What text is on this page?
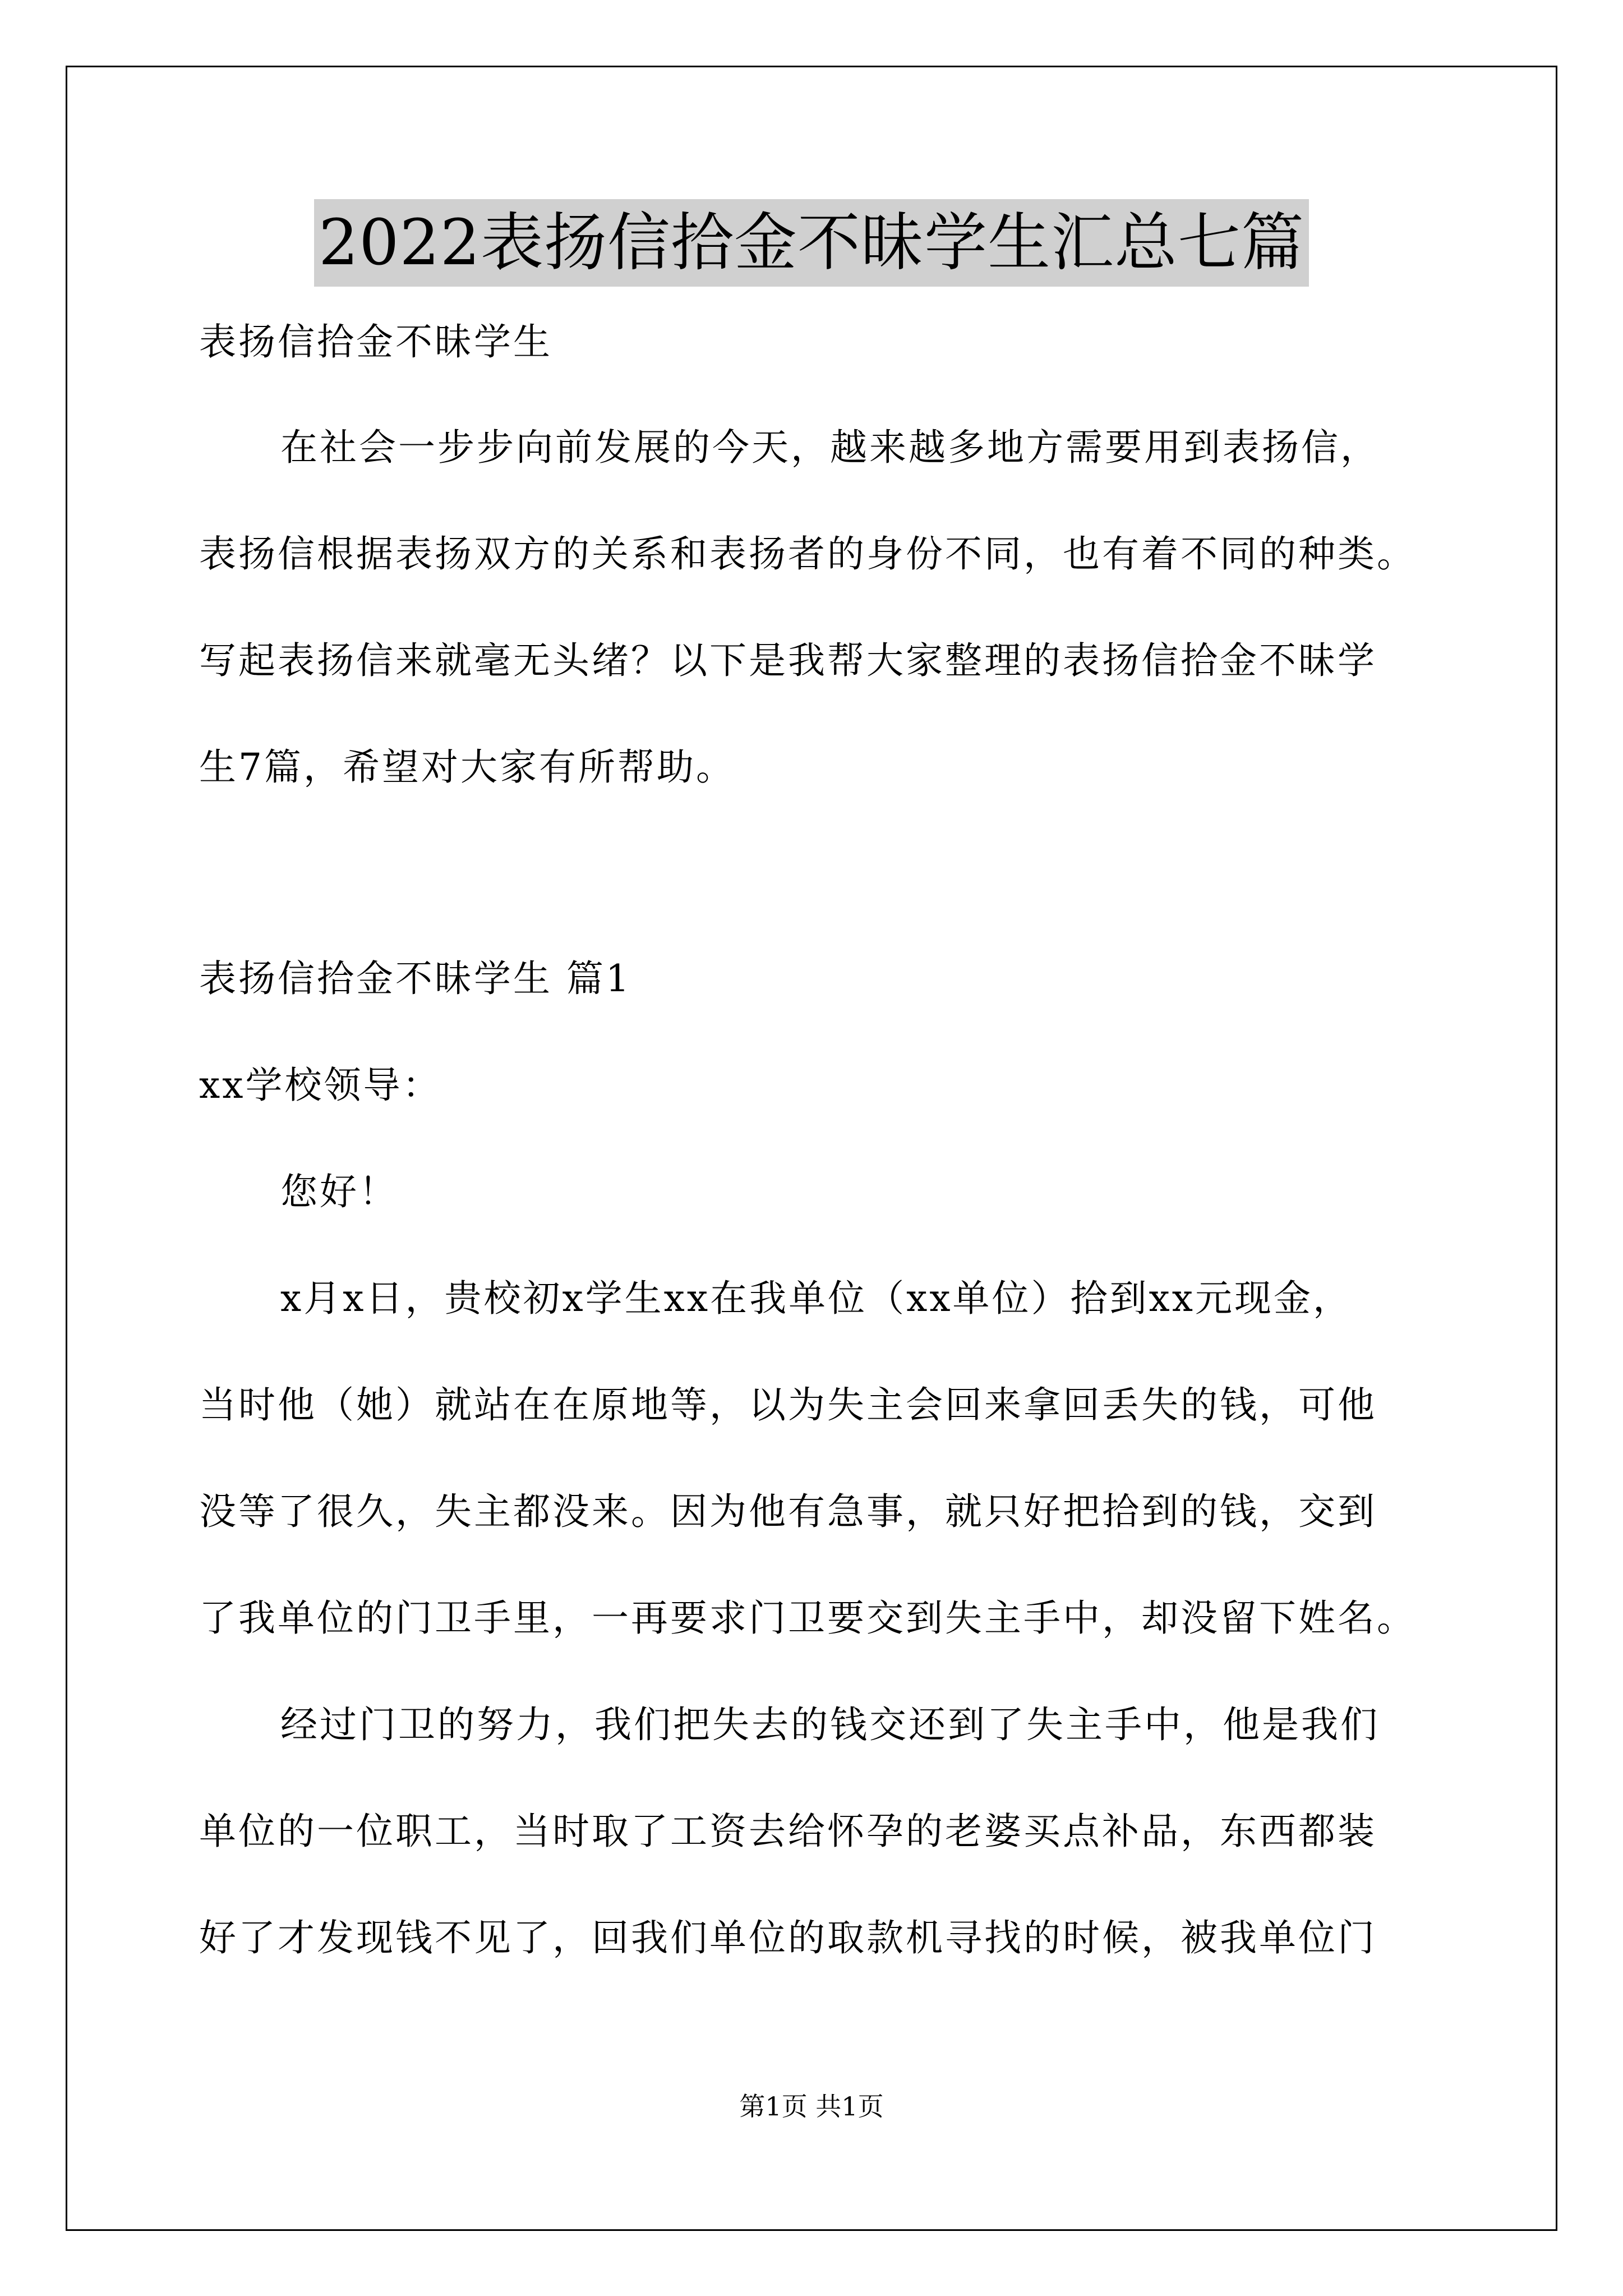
2022表扬信拾金不昧学生汇总七篇
表扬信拾金不昧学生
在社会一步步向前发展的今天，越来越多地方需要用到表扬信，
表扬信根据表扬双方的关系和表扬者的身份不同，也有着不同的种类。
写起表扬信来就毫无头绪？以下是我帮大家整理的表扬信拾金不昧学
生7篇，希望对大家有所帮助。
表扬信拾金不昧学生 篇1
xx学校领导：
您好！
x月x日，贵校初x学生xx在我单位（xx单位）拾到xx元现金，
当时他（她）就站在在原地等，以为失主会回来拿回丢失的钱，可他
没等了很久，失主都没来。因为他有急事，就只好把拾到的钱，交到
了我单位的门卫手里，一再要求门卫要交到失主手中，却没留下姓名。
经过门卫的努力，我们把失去的钱交还到了失主手中，他是我们
单位的一位职工，当时取了工资去给怀孕的老婆买点补品，东西都装
好了才发现钱不见了，回我们单位的取款机寻找的时候，被我单位门
第1页 共1页
